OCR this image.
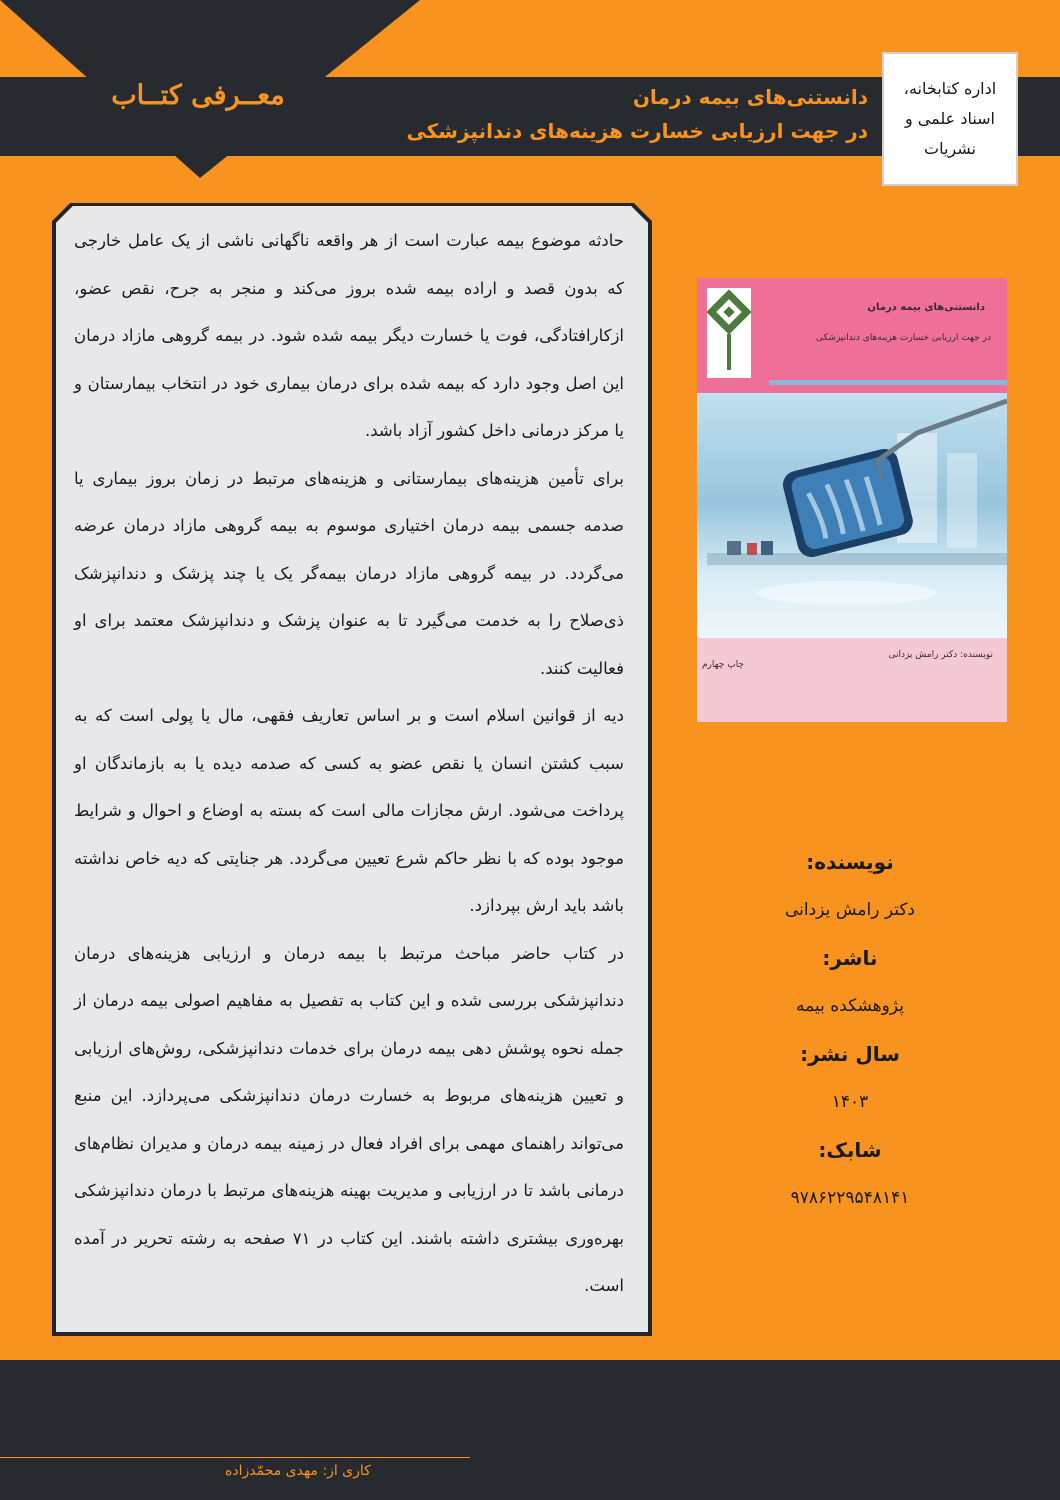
معــرفی کتــاب	دانستنی‌های بیمه درمان
در جهت ارزیابی خسارت هزینه‌های دندانپزشکی
اداره کتابخانه، اسناد علمی و نشریات

حادثه موضوع بیمه عبارت است از هر واقعه ناگهانی ناشی از یک عامل خارجی که بدون قصد و اراده بیمه شده بروز می‌کند و منجر به جرح، نقص عضو، ازکارافتادگی، فوت یا خسارت دیگر بیمه شده شود. در بیمه گروهی مازاد درمان این اصل وجود دارد که بیمه شده برای درمان بیماری خود در انتخاب بیمارستان و یا مرکز درمانی داخل کشور آزاد باشد.

برای تأمین هزینه‌های بیمارستانی و هزینه‌های مرتبط در زمان بروز بیماری یا صدمه جسمی بیمه درمان اختیاری موسوم به بیمه گروهی مازاد درمان عرضه می‌گردد. در بیمه گروهی مازاد درمان بیمه‌گر یک یا چند پزشک و دندانپزشک ذی‌صلاح را به خدمت می‌گیرد تا به عنوان پزشک و دندانپزشک معتمد برای او فعالیت کنند.

دیه از قوانین اسلام است و بر اساس تعاریف فقهی، مال یا پولی است که به سبب کشتن انسان یا نقص عضو به کسی که صدمه دیده یا به بازماندگان او پرداخت می‌شود. ارش مجازات مالی است که بسته به اوضاع و احوال و شرایط موجود بوده که با نظر حاکم شرع تعیین می‌گردد. هر جنایتی که دیه خاص نداشته باشد باید ارش بپردازد.

در کتاب حاضر مباحث مرتبط با بیمه درمان و ارزیابی هزینه‌های درمان دندانپزشکی بررسی شده و این کتاب به تفصیل به مفاهیم اصولی بیمه درمان از جمله نحوه پوشش دهی بیمه درمان برای خدمات دندانپزشکی، روش‌های ارزیابی و تعیین هزینه‌های مربوط به خسارت درمان دندانپزشکی می‌پردازد. این منبع می‌تواند راهنمای مهمی برای افراد فعال در زمینه بیمه درمان و مدیران نظام‌های درمانی باشد تا در ارزیابی و مدیریت بهینه هزینه‌های مرتبط با درمان دندانپزشکی بهره‌وری بیشتری داشته باشند. این کتاب در ۷۱ صفحه به رشته تحریر در آمده است.

دانستنی‌های بیمه درمان
در جهت ارزیابی خسارت هزینه‌های دندانپزشکی
نویسنده: دکتر رامش یزدانی
چاپ چهارم
نویسنده:
دکتر رامش یزدانی
ناشر:
پژوهشکده بیمه
سال نشر:
۱۴۰۳
شابک:
۹۷۸۶۲۲۹۵۴۸۱۴۱
کاری از: مهدی محمّدزاده
